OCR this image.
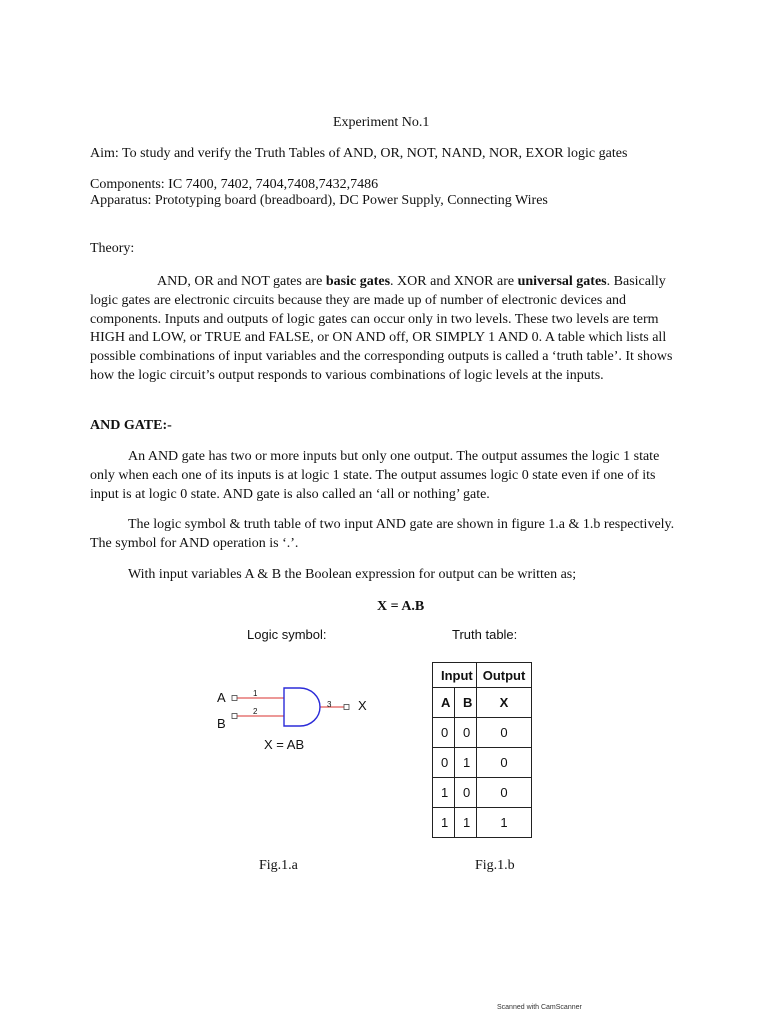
Experiment No.1
Aim: To study and verify the Truth Tables of AND, OR, NOT, NAND, NOR, EXOR logic gates
Components: IC 7400, 7402, 7404,7408,7432,7486
Apparatus: Prototyping board (breadboard), DC Power Supply, Connecting Wires
Theory:
AND, OR and NOT gates are basic gates. XOR and XNOR are universal gates. Basically logic gates are electronic circuits because they are made up of number of electronic devices and components. Inputs and outputs of logic gates can occur only in two levels. These two levels are term HIGH and LOW, or TRUE and FALSE, or ON AND off, OR SIMPLY 1 AND 0. A table which lists all possible combinations of input variables and the corresponding outputs is called a ‘truth table’. It shows how the logic circuit’s output responds to various combinations of logic levels at the inputs.
AND GATE:-
An AND gate has two or more inputs but only one output. The output assumes the logic 1 state only when each one of its inputs is at logic 1 state. The output assumes logic 0 state even if one of its input is at logic 0 state. AND gate is also called an ‘all or nothing’ gate.
The logic symbol & truth table of two input AND gate are shown in figure 1.a & 1.b respectively. The symbol for AND operation is ‘.’.
With input variables A & B the Boolean expression for output can be written as;
X = A.B
Logic symbol:
A
B
1
2
3 X
X = AB
Truth table:
Input		Output
A	B	X
0	0	0
0	1	0
1	0	0
1	1	1
Fig.1.a	Fig.1.b
Scanned with CamScanner
